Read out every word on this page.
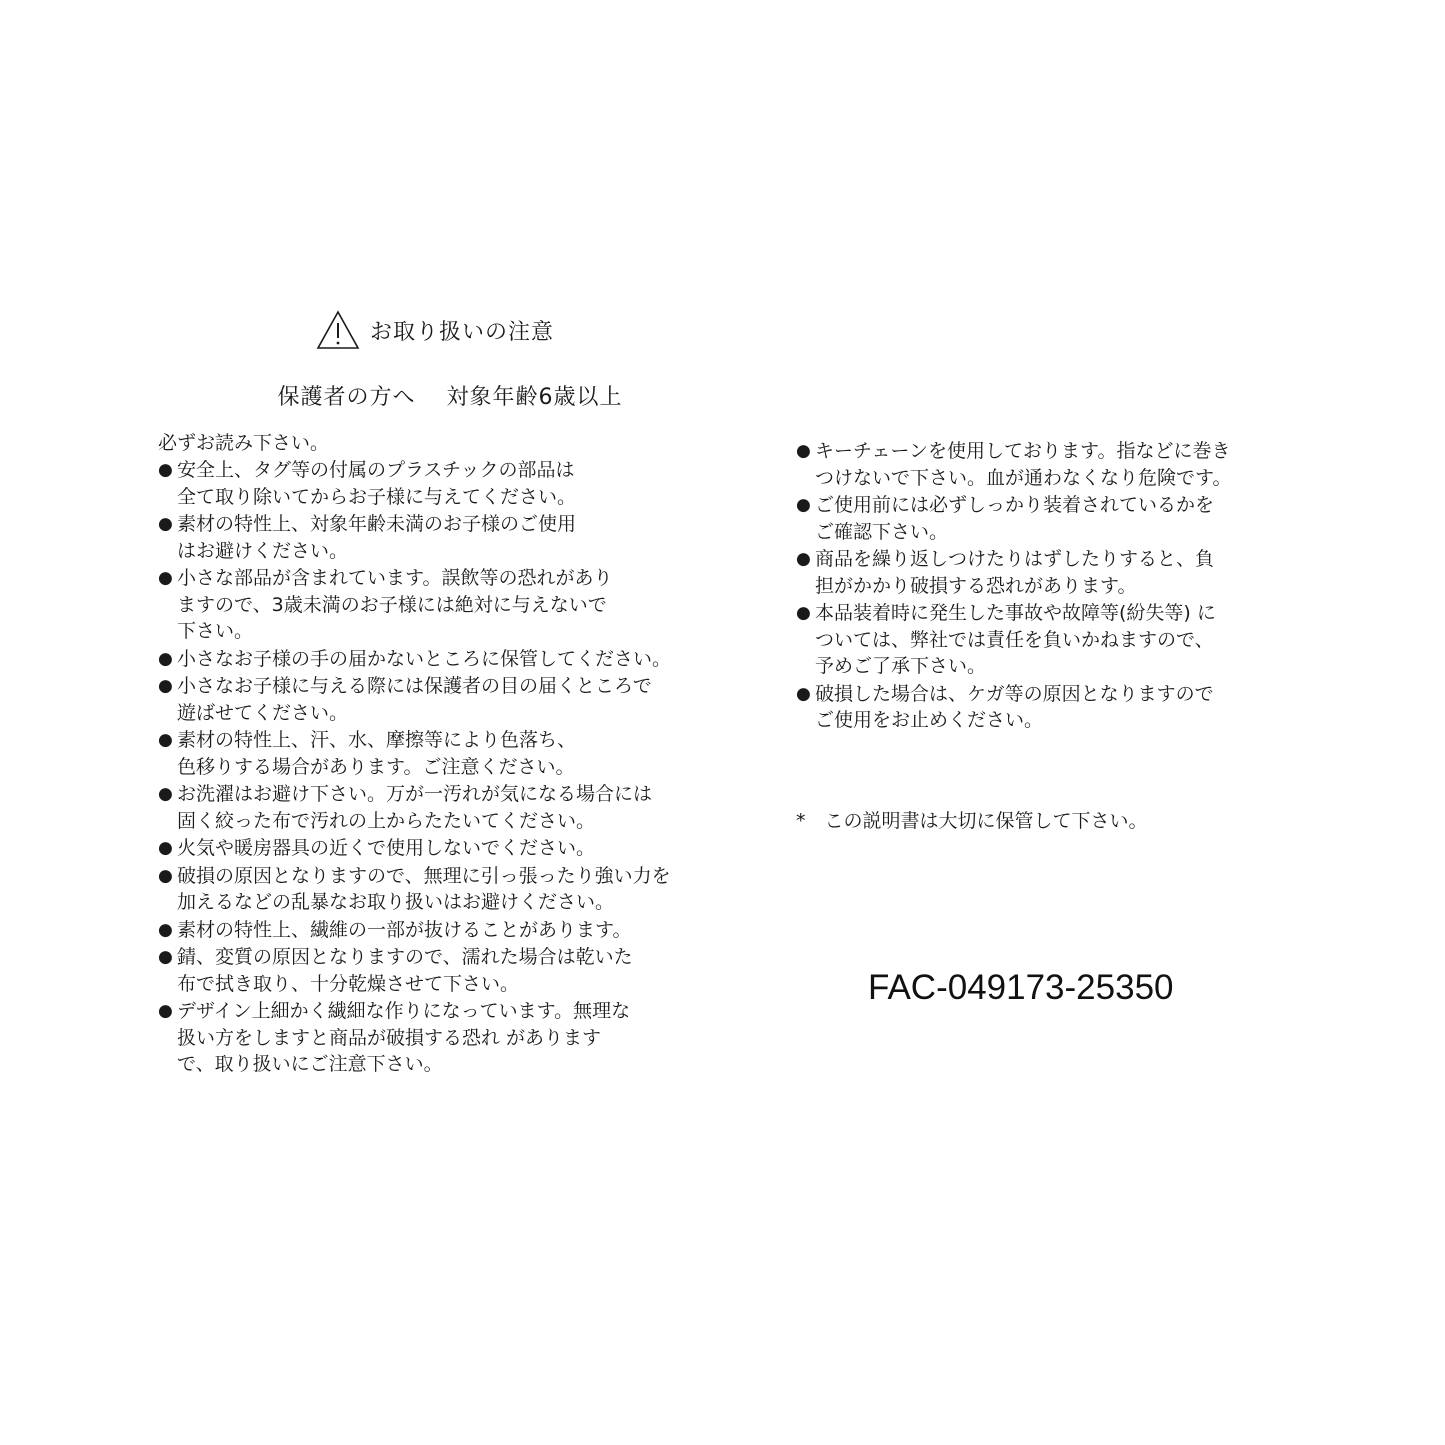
お取り扱いの注意
保護者の方へ　 対象年齢6歳以上
必ずお読み下さい。
● 安全上、タグ等の付属のプラスチックの部品は
全て取り除いてからお子様に与えてください。
● 素材の特性上、対象年齢未満のお子様のご使用
はお避けください。
● 小さな部品が含まれています。誤飲等の恐れがあり
ますので、3歳未満のお子様には絶対に与えないで
下さい。
● 小さなお子様の手の届かないところに保管してください。
● 小さなお子様に与える際には保護者の目の届くところで
遊ばせてください。
● 素材の特性上、汗、水、摩擦等により色落ち、
色移りする場合があります。ご注意ください。
● お洗濯はお避け下さい。万が一汚れが気になる場合には
固く絞った布で汚れの上からたたいてください。
● 火気や暖房器具の近くで使用しないでください。
● 破損の原因となりますので、無理に引っ張ったり強い力を
加えるなどの乱暴なお取り扱いはお避けください。
● 素材の特性上、繊維の一部が抜けることがあります。
● 錆、変質の原因となりますので、濡れた場合は乾いた
布で拭き取り、十分乾燥させて下さい。
● デザイン上細かく繊細な作りになっています。無理な
扱い方をしますと商品が破損する恐れ があります
で、取り扱いにご注意下さい。
● キーチェーンを使用しております。指などに巻き
つけないで下さい。血が通わなくなり危険です。
● ご使用前には必ずしっかり装着されているかを
ご確認下さい。
● 商品を繰り返しつけたりはずしたりすると、負
担がかかり破損する恐れがあります。
● 本品装着時に発生した事故や故障等(紛失等) に
ついては、弊社では責任を負いかねますので、
予めご了承下さい。
● 破損した場合は、ケガ等の原因となりますので
ご使用をお止めください。
*　この説明書は大切に保管して下さい。
FAC-049173-25350
